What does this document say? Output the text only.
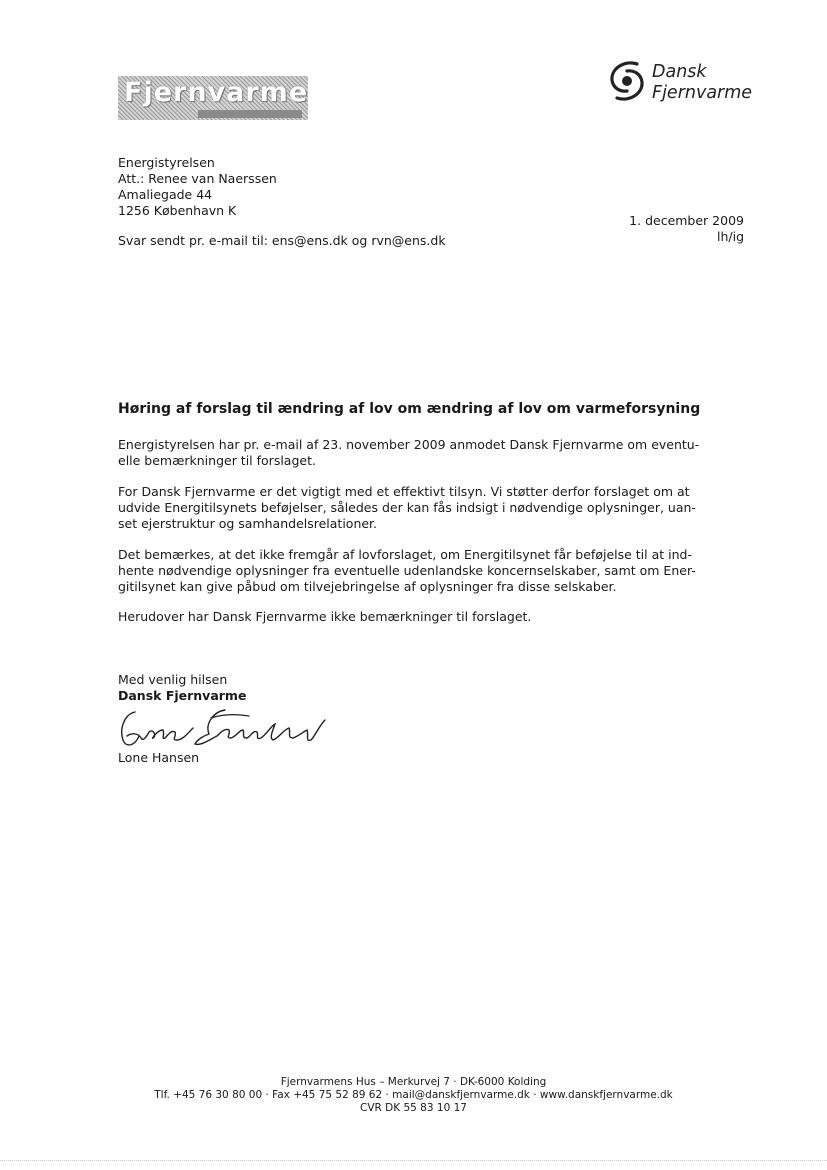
Fjernvarme
Dansk
Fjernvarme
Energistyrelsen
Att.: Renee van Naerssen
Amaliegade 44
1256 København K
Svar sendt pr. e-mail til: ens@ens.dk og rvn@ens.dk
1. december 2009
lh/ig
Høring af forslag til ændring af lov om ændring af lov om varmeforsyning
Energistyrelsen har pr. e-mail af 23. november 2009 anmodet Dansk Fjernvarme om eventu-
elle bemærkninger til forslaget.
For Dansk Fjernvarme er det vigtigt med et effektivt tilsyn. Vi støtter derfor forslaget om at
udvide Energitilsynets beføjelser, således der kan fås indsigt i nødvendige oplysninger, uan-
set ejerstruktur og samhandelsrelationer.
Det bemærkes, at det ikke fremgår af lovforslaget, om Energitilsynet får beføjelse til at ind-
hente nødvendige oplysninger fra eventuelle udenlandske koncernselskaber, samt om Ener-
gitilsynet kan give påbud om tilvejebringelse af oplysninger fra disse selskaber.
Herudover har Dansk Fjernvarme ikke bemærkninger til forslaget.
Med venlig hilsen
Dansk Fjernvarme
Lone Hansen
Fjernvarmens Hus – Merkurvej 7 · DK-6000 Kolding
Tlf. +45 76 30 80 00 · Fax +45 75 52 89 62 · mail@danskfjernvarme.dk · www.danskfjernvarme.dk
CVR DK 55 83 10 17
